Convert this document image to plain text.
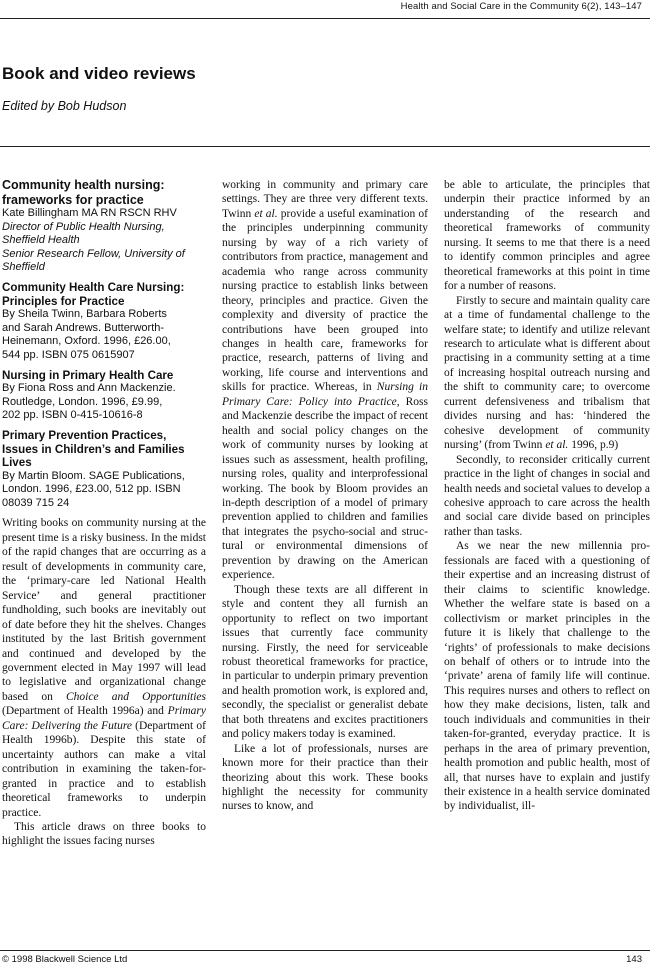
Health and Social Care in the Community 6(2), 143–147
Book and video reviews
Edited by Bob Hudson
Community health nursing:
frameworks for practice
Kate Billingham MA RN RSCN RHV
Director of Public Health Nursing,
Sheffield Health
Senior Research Fellow, University of
Sheffield
Community Health Care Nursing:
Principles for Practice
By Sheila Twinn, Barbara Roberts
and Sarah Andrews. Butterworth-
Heinemann, Oxford. 1996, £26.00,
544 pp. ISBN 075 0615907
Nursing in Primary Health Care
By Fiona Ross and Ann Mackenzie.
Routledge, London. 1996, £9.99,
202 pp. ISBN 0-415-10616-8
Primary Prevention Practices,
Issues in Children’s and Families
Lives
By Martin Bloom. SAGE Publications,
London. 1996, £23.00, 512 pp. ISBN
08039 715 24

Writing books on community nursing at the present time is a risky business. In the midst of the rapid changes that are occurring as a result of developments in community care, the ‘primary-care led National Health Service’ and general practitioner fundholding, such books are inevitably out of date before they hit the shelves. Changes instituted by the last British government and continued and developed by the government elected in May 1997 will lead to legislative and organizational change based on Choice and Opportunities (Department of Health 1996a) and Primary Care: Delivering the Future (Department of Health 1996b). Despite this state of uncertainty authors can make a vital contribution in examining the taken-for-granted in practice and to establish theoretical frameworks to underpin practice.

This article draws on three books to highlight the issues facing nurses

working in community and primary care settings. They are three very different texts. Twinn et al. provide a useful examination of the principles underpinning community nursing by way of a rich variety of contributors from practice, management and academia who range across community nursing practice to establish links between theory, principles and practice. Given the complexity and diversity of practice the contributions have been grouped into changes in health care, frameworks for practice, research, patterns of living and working, life course and interventions and skills for practice. Whereas, in Nursing in Primary Care: Policy into Practice, Ross and Mackenzie describe the impact of recent health and social policy changes on the work of community nurses by looking at issues such as assessment, health profiling, nursing roles, quality and interprofessional working. The book by Bloom provides an in-depth description of a model of primary prevention applied to children and families that integrates the psycho-social and structural or environmental dimensions of prevention by drawing on the American experience.

Though these texts are all different in style and content they all furnish an opportunity to reflect on two important issues that currently face community nursing. Firstly, the need for serviceable robust theoretical frameworks for practice, in particular to underpin primary prevention and health promotion work, is explored and, secondly, the specialist or generalist debate that both threatens and excites practitioners and policy makers today is examined.

Like a lot of professionals, nurses are known more for their practice than their theorizing about this work. These books highlight the necessity for community nurses to know, and

be able to articulate, the principles that underpin their practice informed by an understanding of the research and theoretical frameworks of community nursing. It seems to me that there is a need to identify common principles and agree theoretical frameworks at this point in time for a number of reasons.

Firstly to secure and maintain quality care at a time of fundamental challenge to the welfare state; to identify and utilize relevant research to articulate what is different about practising in a community setting at a time of increasing hospital outreach nursing and the shift to community care; to overcome current defensiveness and tribalism that divides nursing and has: ‘hindered the cohesive development of community nursing’ (from Twinn et al. 1996, p.9)

Secondly, to reconsider critically current practice in the light of changes in social and health needs and societal values to develop a cohesive approach to care across the health and social care divide based on principles rather than tasks.

As we near the new millennia professionals are faced with a questioning of their expertise and an increasing distrust of their claims to scientific knowledge. Whether the welfare state is based on a collectivism or market principles in the future it is likely that challenge to the ‘rights’ of professionals to make decisions on behalf of others or to intrude into the ‘private’ arena of family life will continue. This requires nurses and others to reflect on how they make decisions, listen, talk and touch individuals and communities in their taken-for-granted, everyday practice. It is perhaps in the area of primary prevention, health promotion and public health, most of all, that nurses have to explain and justify their existence in a health service dominated by individualist, ill-

© 1998 Blackwell Science Ltd	143
